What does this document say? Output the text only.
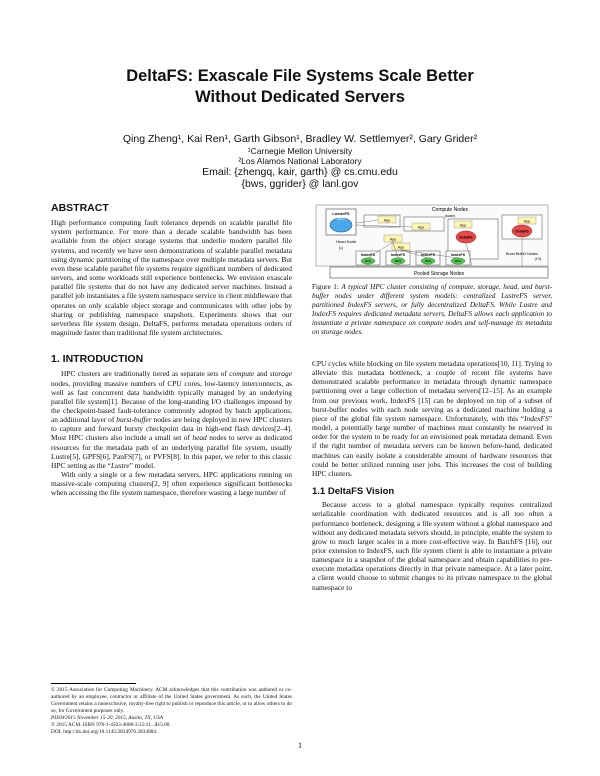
DeltaFS: Exascale File Systems Scale Better
Without Dedicated Servers
Qing Zheng¹, Kai Ren¹, Garth Gibson¹, Bradley W. Settlemyer², Gary Grider²
¹Carnegie Mellon University
²Los Alamos National Laboratory
Email: {zhengq, kair, garth} @ cs.cmu.edu
{bws, ggrider} @ lanl.gov
ABSTRACT

High performance computing fault tolerance depends on scalable parallel file system performance. For more than a decade scalable bandwidth has been available from the object storage systems that underlie modern parallel file systems, and recently we have seen demonstrations of scalable parallel metadata using dynamic partitioning of the namespace over multiple metadata servers. But even these scalable parallel file systems require significant numbers of dedicated servers, and some workloads still experience bottlenecks. We envision exascale parallel file systems that do not have any dedicated server machines. Instead a parallel job instantiates a file system namespace service in client middleware that operates on only scalable object storage and communicates with other jobs by sharing or publishing namespace snapshots. Experiments shows that our serverless file system design, DeltaFS, performs metadata operations orders of magnitude faster than traditional file system architectures.

1. INTRODUCTION

HPC clusters are traditionally tiered as separate sets of compute and storage nodes, providing massive numbers of CPU cores, low-latency interconnects, as well as fast concurrent data bandwidth typically managed by an underlying parallel file system[1]. Because of the long-standing I/O challenges imposed by the checkpoint-based fault-tolerance commonly adopted by batch applications, an additional layer of burst-buffer nodes are being deployed in new HPC clusters to capture and forward bursty checkpoint data in high-end flash devices[2–4]. Most HPC clusters also include a small set of head nodes to serve as dedicated resources for the metadata path of an underlying parallel file system, usually Lustre[5], GPFS[6], PanFS[7], or PVFS[8]. In this paper, we refer to this classic HPC setting as the “Lustre” model.

With only a single or a few metadata servers, HPC applications running on massive-scale computing clusters[2, 9] often experience significant bottlenecks when accessing the file system namespace, therefore wasting a large number of

© 2015 Association for Computing Machinery. ACM acknowledges that this contribution was authored or co-authored by an employee, contractor or affiliate of the United States government. As such, the United States Government retains a nonexclusive, royalty-free right to publish or reproduce this article, or to allow others to do so, for Government purposes only.
PDSW2015 November 15-20, 2015, Austin, TX, USA
© 2015 ACM. ISBN 978-1-4503-4008-3/15/11...$15.00
DOI: http://dx.doi.org/10.1145/2834976.2834984.
Compute Nodes
(scale)
LustreFS
MDS
Head Node
(1)
App
App	App
DeltaFS
App
DeltaFS
App
App
IndexFS
MDS
IndexFS
MDS
IndexFS
MDS
IndexFS
MDS
Burst Buffer Nodes
(1%)
Pooled Storage Nodes
Figure 1: A typical HPC cluster consisting of compute, storage, head, and burst-buffer nodes under different system models: centralized LustreFS server, partitioned IndexFS servers, or fully decentralized DeltaFS. While Lustre and IndexFS requires dedicated metadata servers, DeltaFS allows each application to instantiate a private namespace on compute nodes and self-manage its metadata on storage nodes.

CPU cycles while blocking on file system metadata operations[10, 11]. Trying to alleviate this metadata bottleneck, a couple of recent file systems have demonstrated scalable performance in metadata through dynamic namespace partitioning over a large collection of metadata servers[12–15]. As an example from our previous work, IndexFS [15] can be deployed on top of a subset of burst-buffer nodes with each node serving as a dedicated machine holding a piece of the global file system namespace. Unfortunately, with this “IndexFS” model, a potentially large number of machines must constantly be reserved in order for the system to be ready for an envisioned peak metadata demand. Even if the right number of metadata servers can be known before-hand, dedicated machines can easily isolate a considerable amount of hardware resources that could be better utilized running user jobs. This increases the cost of building HPC clusters.

1.1 DeltaFS Vision

Because access to a global namespace typically requires centralized serializable coordination with dedicated resources and is all too often a performance bottleneck, designing a file system without a global namespace and without any dedicated metadata servers should, in principle, enable the system to grow to much larger scales in a more cost-effective way. In BatchFS [16], our prior extension to IndexFS, each file system client is able to instantiate a private namespace in a snapshot of the global namespace and obtain capabilities to pre-execute metadata operations directly in that private namespace. At a later point, a client would choose to submit changes to its private namespace to the global namespace to

1
